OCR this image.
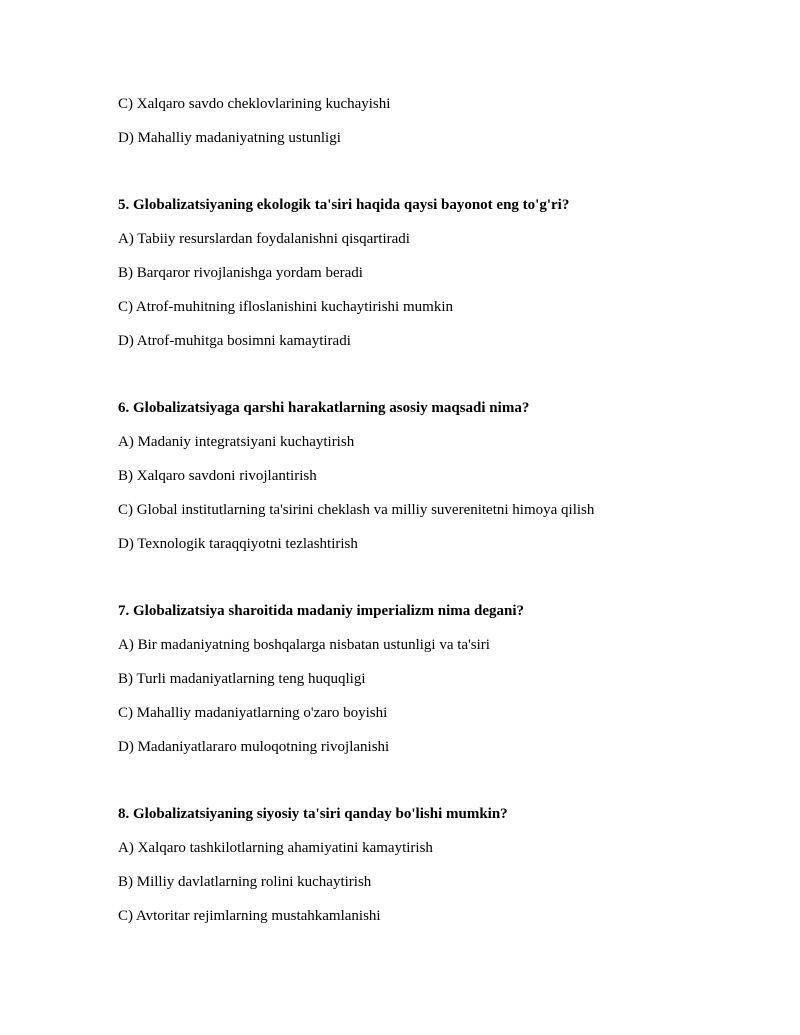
C) Xalqaro savdo cheklovlarining kuchayishi
D) Mahalliy madaniyatning ustunligi
5. Globalizatsiyaning ekologik ta'siri haqida qaysi bayonot eng to'g'ri?
A) Tabiiy resurslardan foydalanishni qisqartiradi
B) Barqaror rivojlanishga yordam beradi
C) Atrof-muhitning ifloslanishini kuchaytirishi mumkin
D) Atrof-muhitga bosimni kamaytiradi
6. Globalizatsiyaga qarshi harakatlarning asosiy maqsadi nima?
A) Madaniy integratsiyani kuchaytirish
B) Xalqaro savdoni rivojlantirish
C) Global institutlarning ta'sirini cheklash va milliy suverenitetni himoya qilish
D) Texnologik taraqqiyotni tezlashtirish
7. Globalizatsiya sharoitida madaniy imperializm nima degani?
A) Bir madaniyatning boshqalarga nisbatan ustunligi va ta'siri
B) Turli madaniyatlarning teng huquqligi
C) Mahalliy madaniyatlarning o'zaro boyishi
D) Madaniyatlararo muloqotning rivojlanishi
8. Globalizatsiyaning siyosiy ta'siri qanday bo'lishi mumkin?
A) Xalqaro tashkilotlarning ahamiyatini kamaytirish
B) Milliy davlatlarning rolini kuchaytirish
C) Avtoritar rejimlarning mustahkamlanishi
